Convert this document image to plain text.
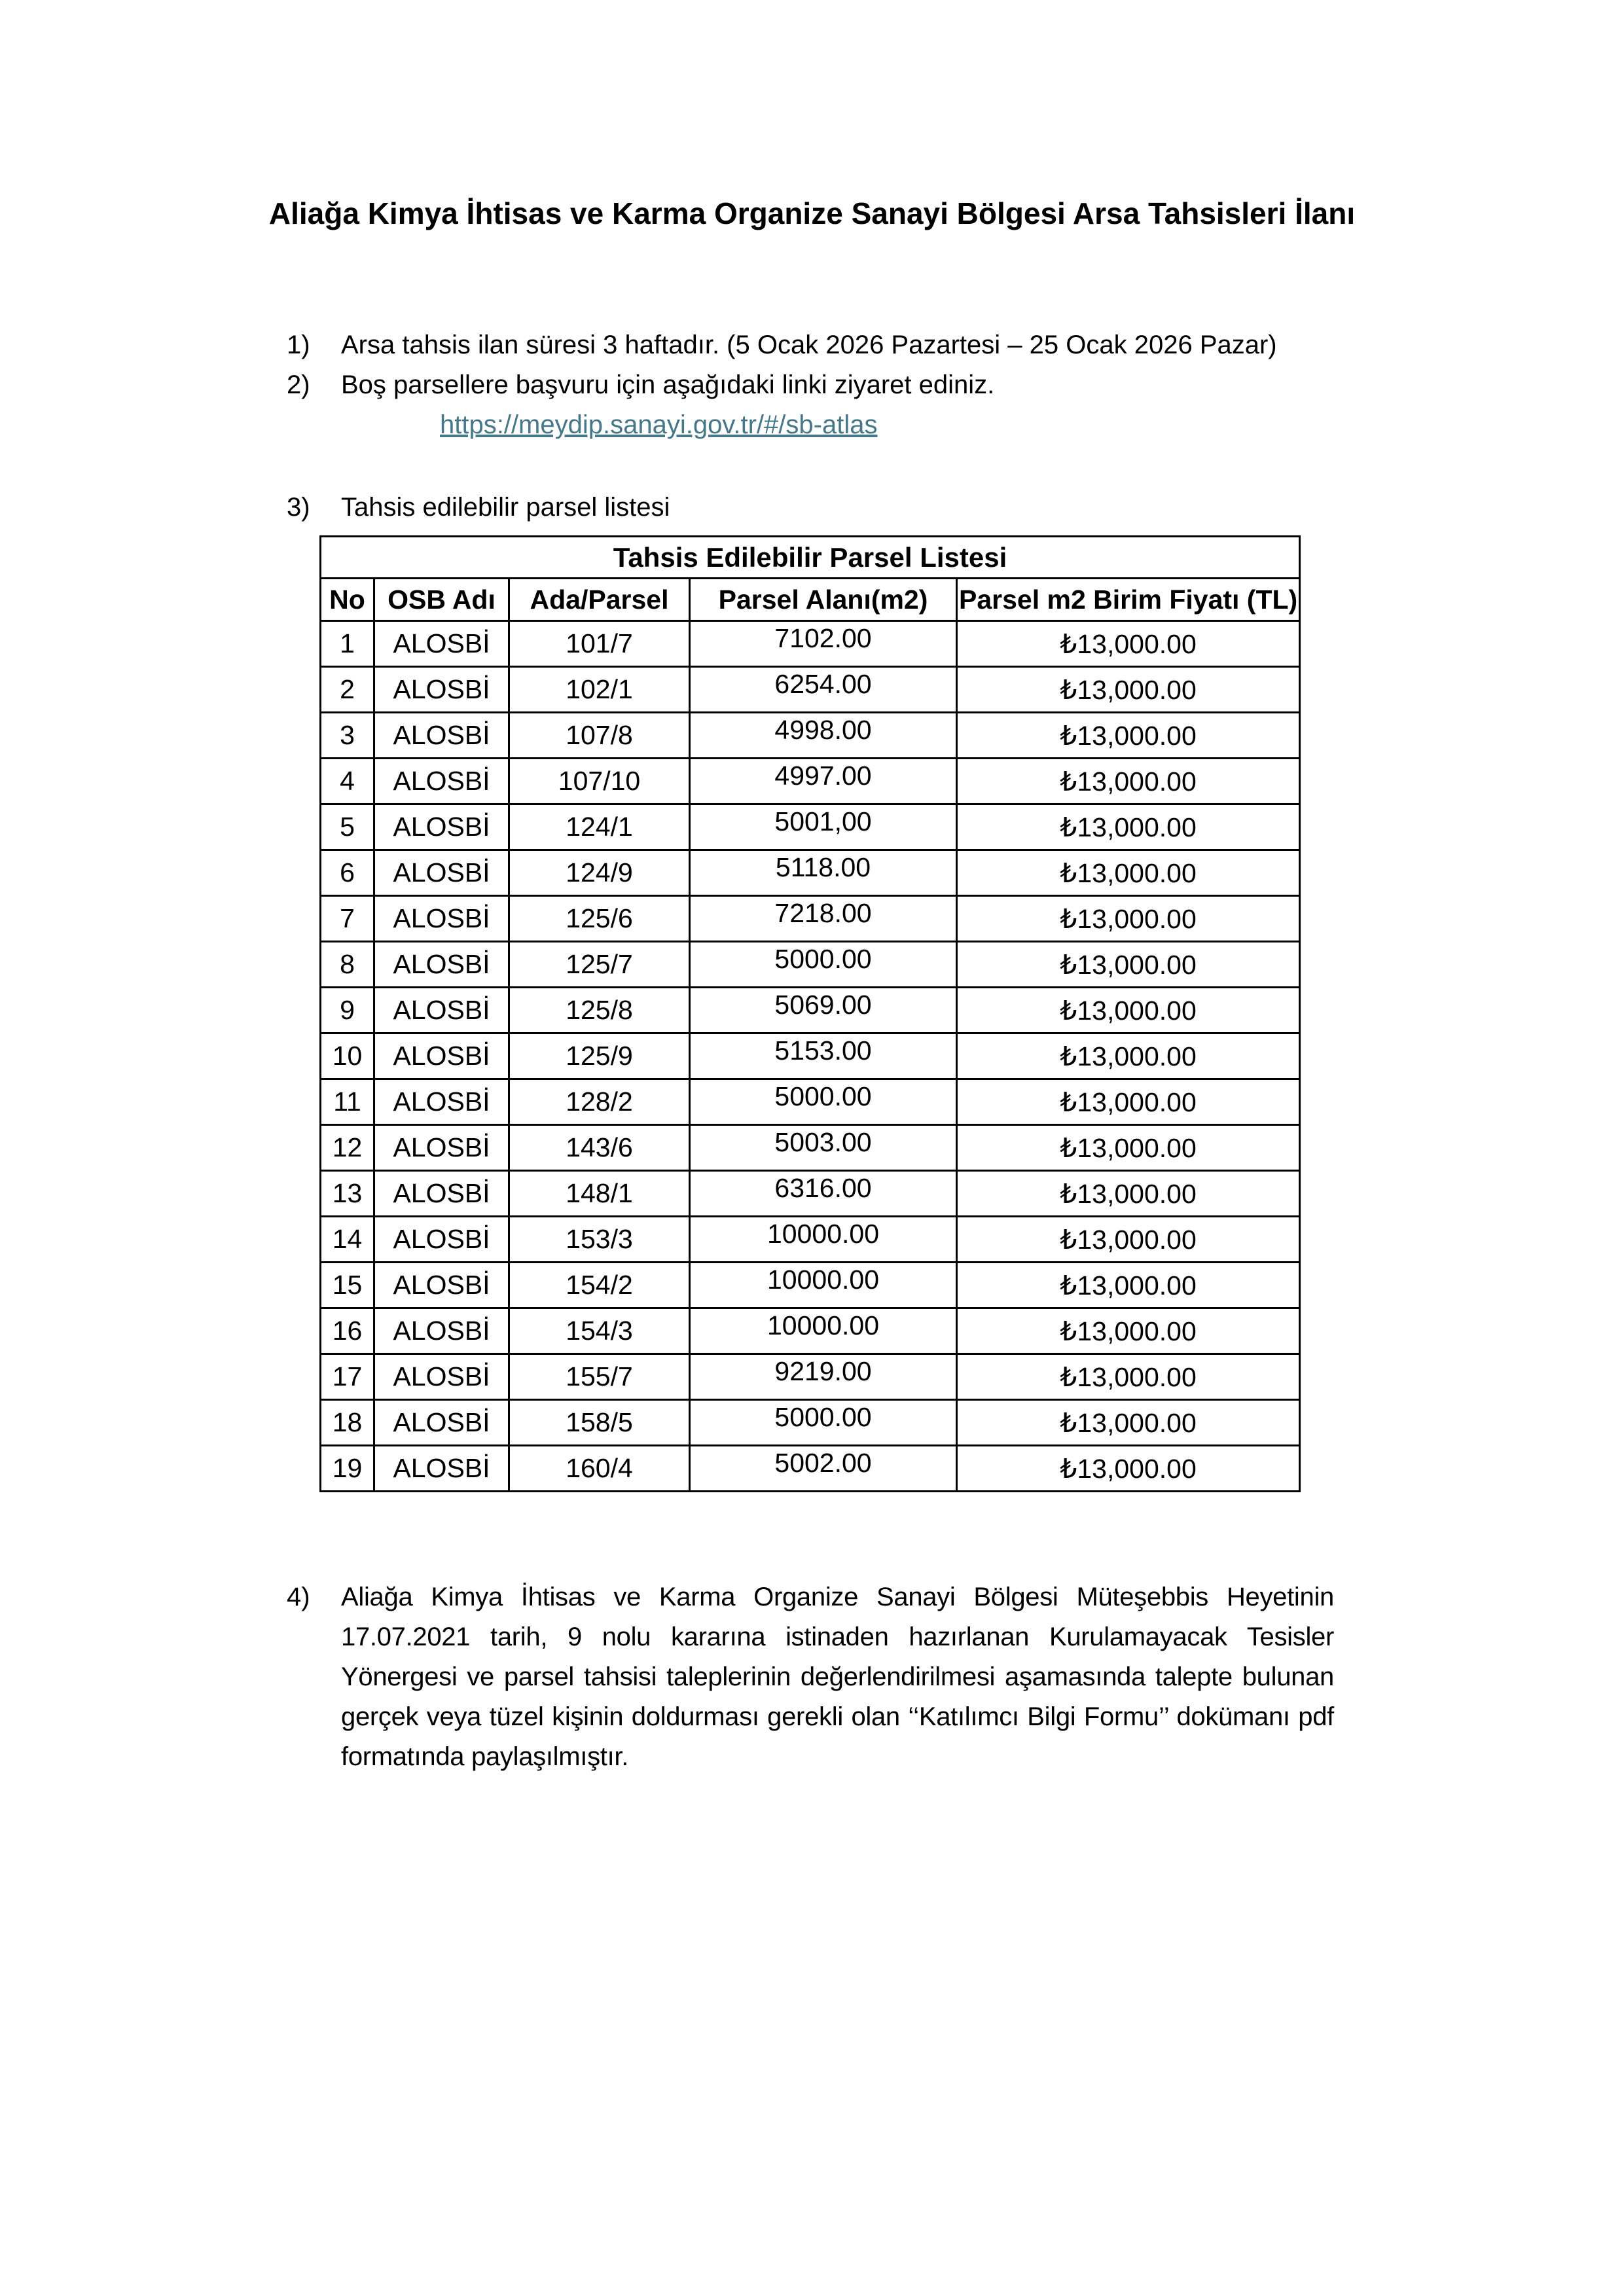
Aliağa Kimya İhtisas ve Karma Organize Sanayi Bölgesi Arsa Tahsisleri İlanı
1)	Arsa tahsis ilan süresi 3 haftadır. (5 Ocak 2026 Pazartesi – 25 Ocak 2026 Pazar)
2)	Boş parsellere başvuru için aşağıdaki linki ziyaret ediniz.
https://meydip.sanayi.gov.tr/#/sb-atlas
3)	Tahsis edilebilir parsel listesi
Tahsis Edilebilir Parsel Listesi				
No	OSB Adı	Ada/Parsel	Parsel Alanı(m2)	Parsel m2 Birim Fiyatı (TL)
1	ALOSBİ	101/7	7102.00	₺13,000.00
2	ALOSBİ	102/1	6254.00	₺13,000.00
3	ALOSBİ	107/8	4998.00	₺13,000.00
4	ALOSBİ	107/10	4997.00	₺13,000.00
5	ALOSBİ	124/1	5001,00	₺13,000.00
6	ALOSBİ	124/9	5118.00	₺13,000.00
7	ALOSBİ	125/6	7218.00	₺13,000.00
8	ALOSBİ	125/7	5000.00	₺13,000.00
9	ALOSBİ	125/8	5069.00	₺13,000.00
10	ALOSBİ	125/9	5153.00	₺13,000.00
11	ALOSBİ	128/2	5000.00	₺13,000.00
12	ALOSBİ	143/6	5003.00	₺13,000.00
13	ALOSBİ	148/1	6316.00	₺13,000.00
14	ALOSBİ	153/3	10000.00	₺13,000.00
15	ALOSBİ	154/2	10000.00	₺13,000.00
16	ALOSBİ	154/3	10000.00	₺13,000.00
17	ALOSBİ	155/7	9219.00	₺13,000.00
18	ALOSBİ	158/5	5000.00	₺13,000.00
19	ALOSBİ	160/4	5002.00	₺13,000.00
4)	Aliağa Kimya İhtisas ve Karma Organize Sanayi Bölgesi Müteşebbis Heyetinin 17.07.2021 tarih, 9 nolu kararına istinaden hazırlanan Kurulamayacak Tesisler Yönergesi ve parsel tahsisi taleplerinin değerlendirilmesi aşamasında talepte bulunan gerçek veya tüzel kişinin doldurması gerekli olan ‘‘Katılımcı Bilgi Formu’’ dokümanı pdf formatında paylaşılmıştır.
